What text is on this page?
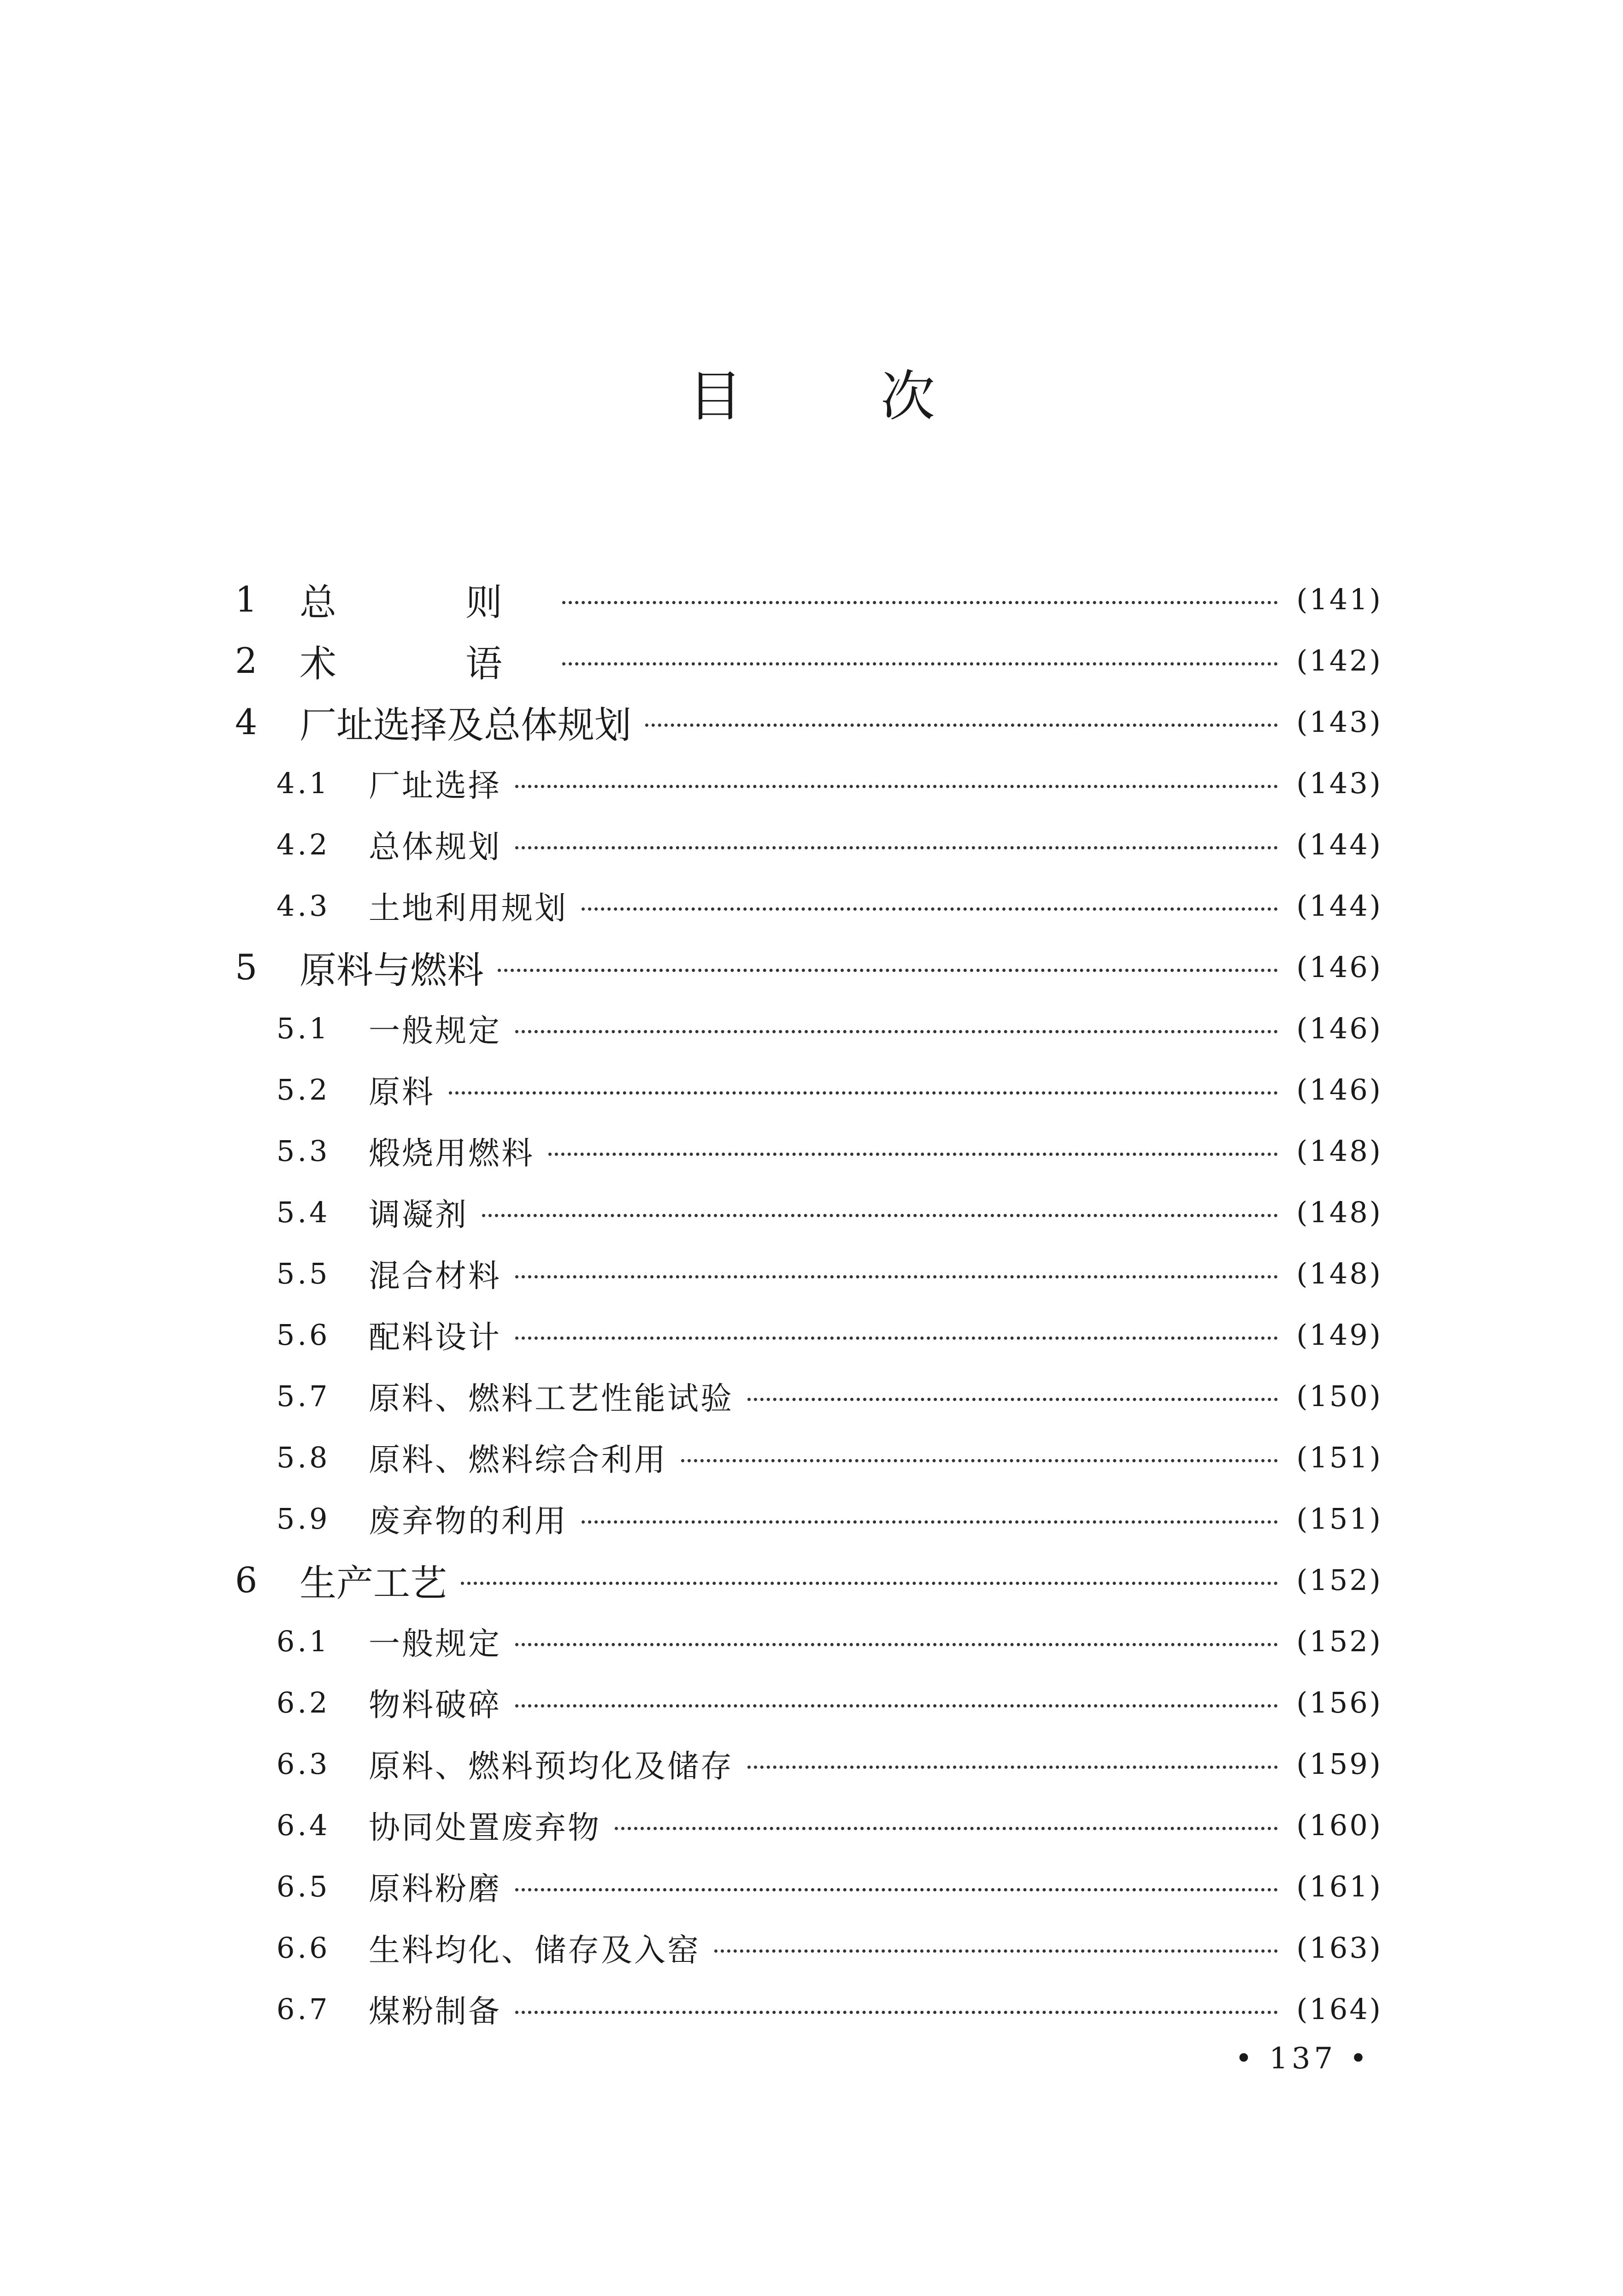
目次
1	总　则	(141)
2	术　语	(142)
4	厂址选择及总体规划	(143)
4.1	厂址选择	(143)
4.2	总体规划	(144)
4.3	土地利用规划	(144)
5	原料与燃料	(146)
5.1	一般规定	(146)
5.2	原料	(146)
5.3	煅烧用燃料	(148)
5.4	调凝剂	(148)
5.5	混合材料	(148)
5.6	配料设计	(149)
5.7	原料、燃料工艺性能试验	(150)
5.8	原料、燃料综合利用	(151)
5.9	废弃物的利用	(151)
6	生产工艺	(152)
6.1	一般规定	(152)
6.2	物料破碎	(156)
6.3	原料、燃料预均化及储存	(159)
6.4	协同处置废弃物	(160)
6.5	原料粉磨	(161)
6.6	生料均化、储存及入窑	(163)
6.7	煤粉制备	(164)
• 137 •
